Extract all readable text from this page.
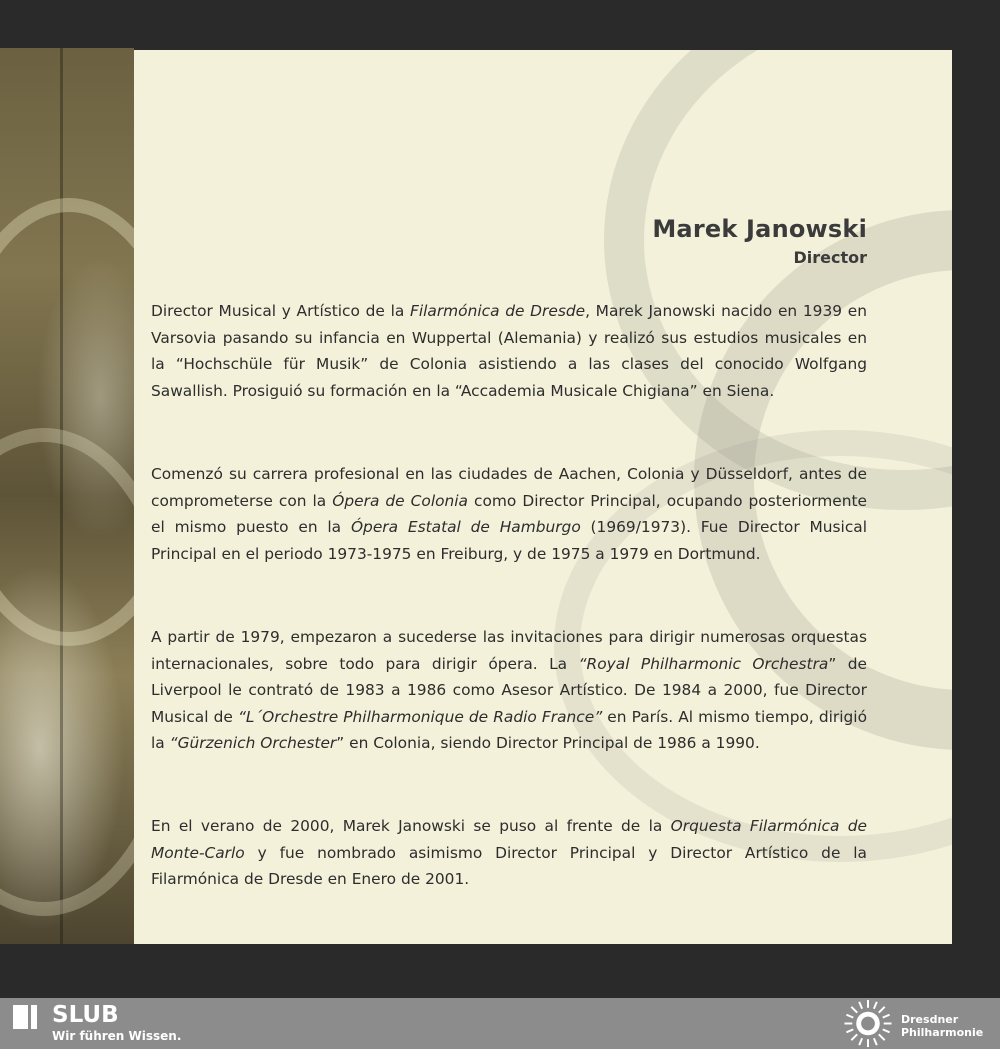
Marek Janowski
Director

Director Musical y Artístico de la Filarmónica de Dresde, Marek Janowski nacido en 1939 en Varsovia pasando su infancia en Wuppertal (Alemania) y realizó sus estudios musicales en la “Hochschüle für Musik” de Colonia asistiendo a las clases del conocido Wolfgang Sawallish. Prosiguió su formación en la “Accademia Musicale Chigiana” en Siena.

Comenzó su carrera profesional en las ciudades de Aachen, Colonia y Düsseldorf, antes de comprometerse con la Ópera de Colonia como Director Principal, ocupando posteriormente el mismo puesto en la Ópera Estatal de Hamburgo (1969/1973). Fue Director Musical Principal en el periodo 1973-1975 en Freiburg, y de 1975 a 1979 en Dortmund.

A partir de 1979, empezaron a sucederse las invitaciones para dirigir numerosas orquestas internacionales, sobre todo para dirigir ópera. La “Royal Philharmonic Orchestra” de Liverpool le contrató de 1983 a 1986 como Asesor Artístico. De 1984 a 2000, fue Director Musical de “L´Orchestre Philharmonique de Radio France” en París. Al mismo tiempo, dirigió la “Gürzenich Orchester” en Colonia, siendo Director Principal de 1986 a 1990.

En el verano de 2000, Marek Janowski se puso al frente de la Orquesta Filarmónica de Monte-Carlo y fue nombrado asimismo Director Principal y Director Artístico de la Filarmónica de Dresde en Enero de 2001.

SLUB
Wir führen Wissen.
Dresdner
Philharmonie
